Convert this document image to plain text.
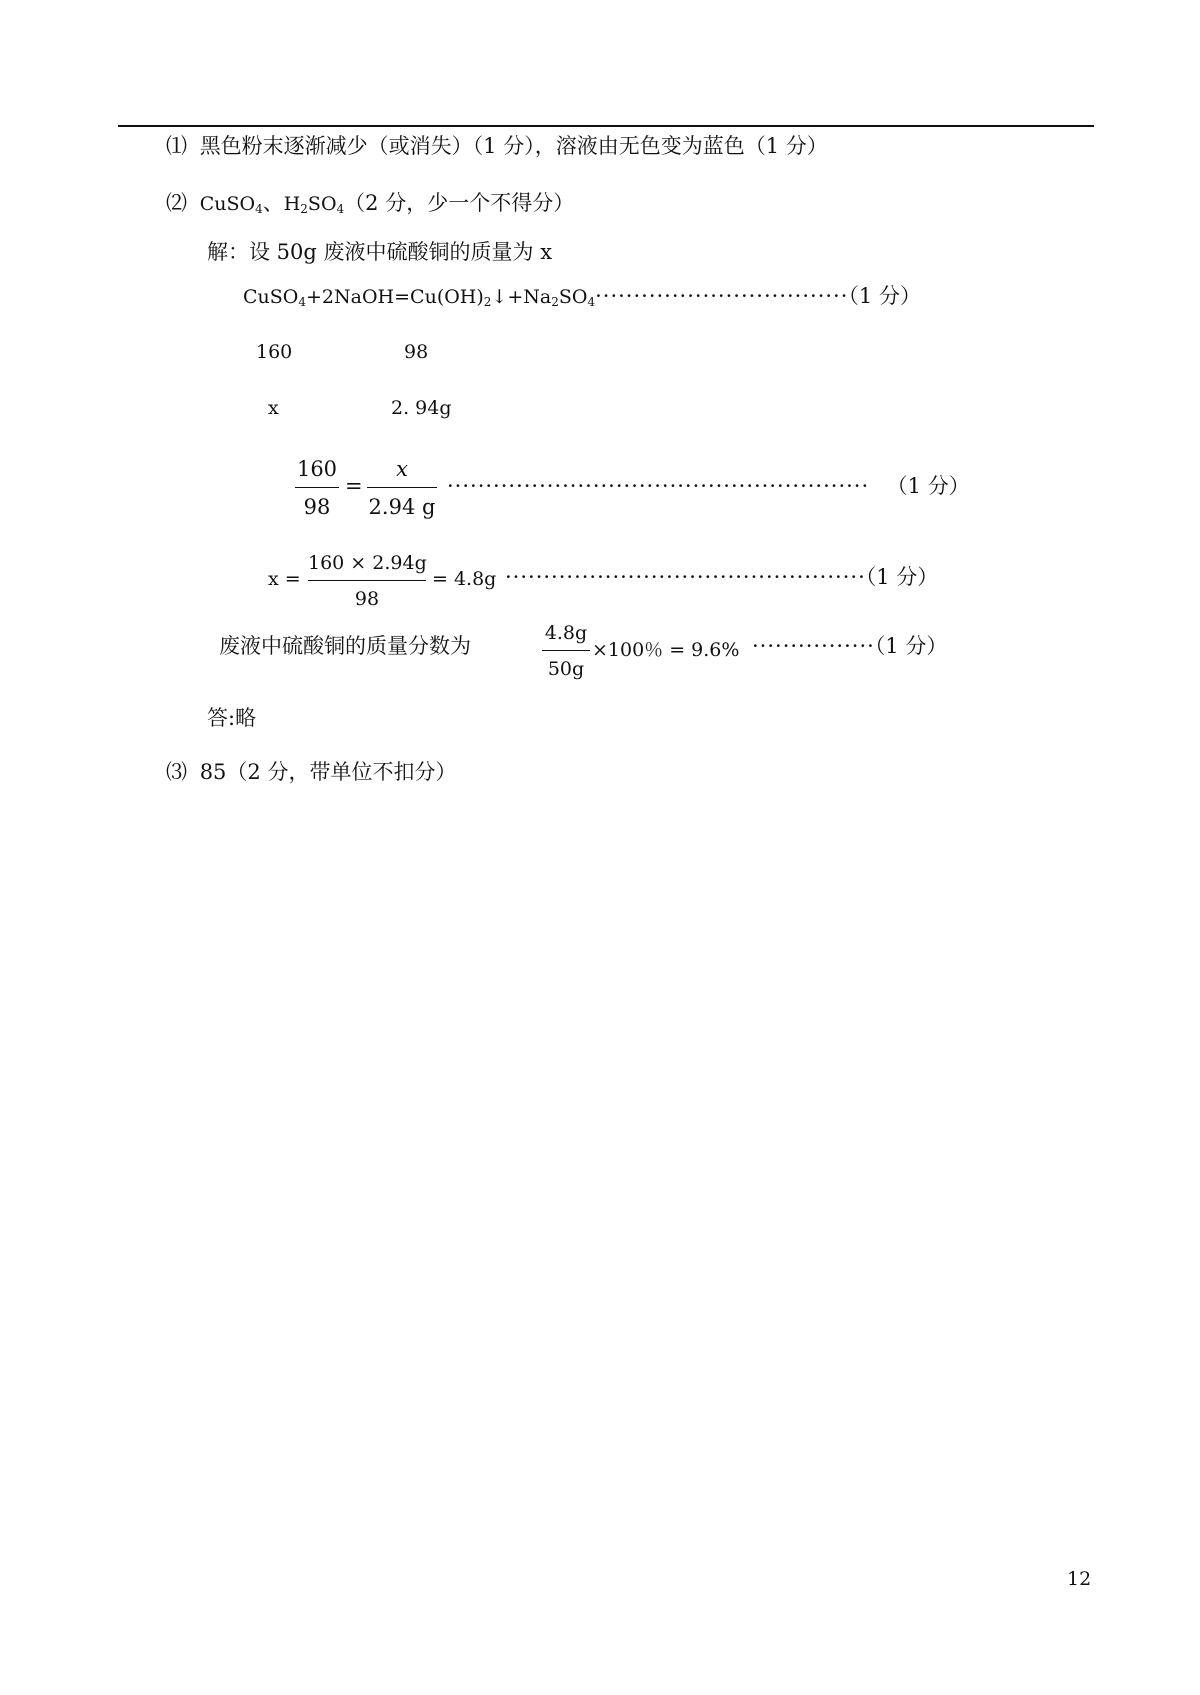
⑴ 黑色粉末逐渐减少（或消失）（1 分），溶液由无色变为蓝色（1 分）
⑵ CuSO$_4$、$H_2SO_4(2$ 分，少一个不得分）
解：设 50g 废液中硫酸铜的质量为 x
$CuSO_4+2NaOH=Cu(OH)_2↓+Na_2SO_4\cdot\cdot\cdot\cdot\cdot\cdot\cdot\cdot\cdot\cdot\cdot\cdot\cdot\cdot\cdot\cdot\cdot\cdot\cdot\cdot\cdot\cdot\cdot\cdot\cdot\cdot\cdot\cdot\cdot\cdot\cdot\cdot\cdot(1$ 分）
160	98
x	2. 94g
160
98
=
x
2.94 g
······················································· （1 分）
x =
160 × 2.94g
98
= 4.8g ···············································（1 分）
废液中硫酸铜的质量分数为
4.8g
50g
×100％ = 9.6% ················（1 分）
答:略
⑶ 85（2 分，带单位不扣分）
12
